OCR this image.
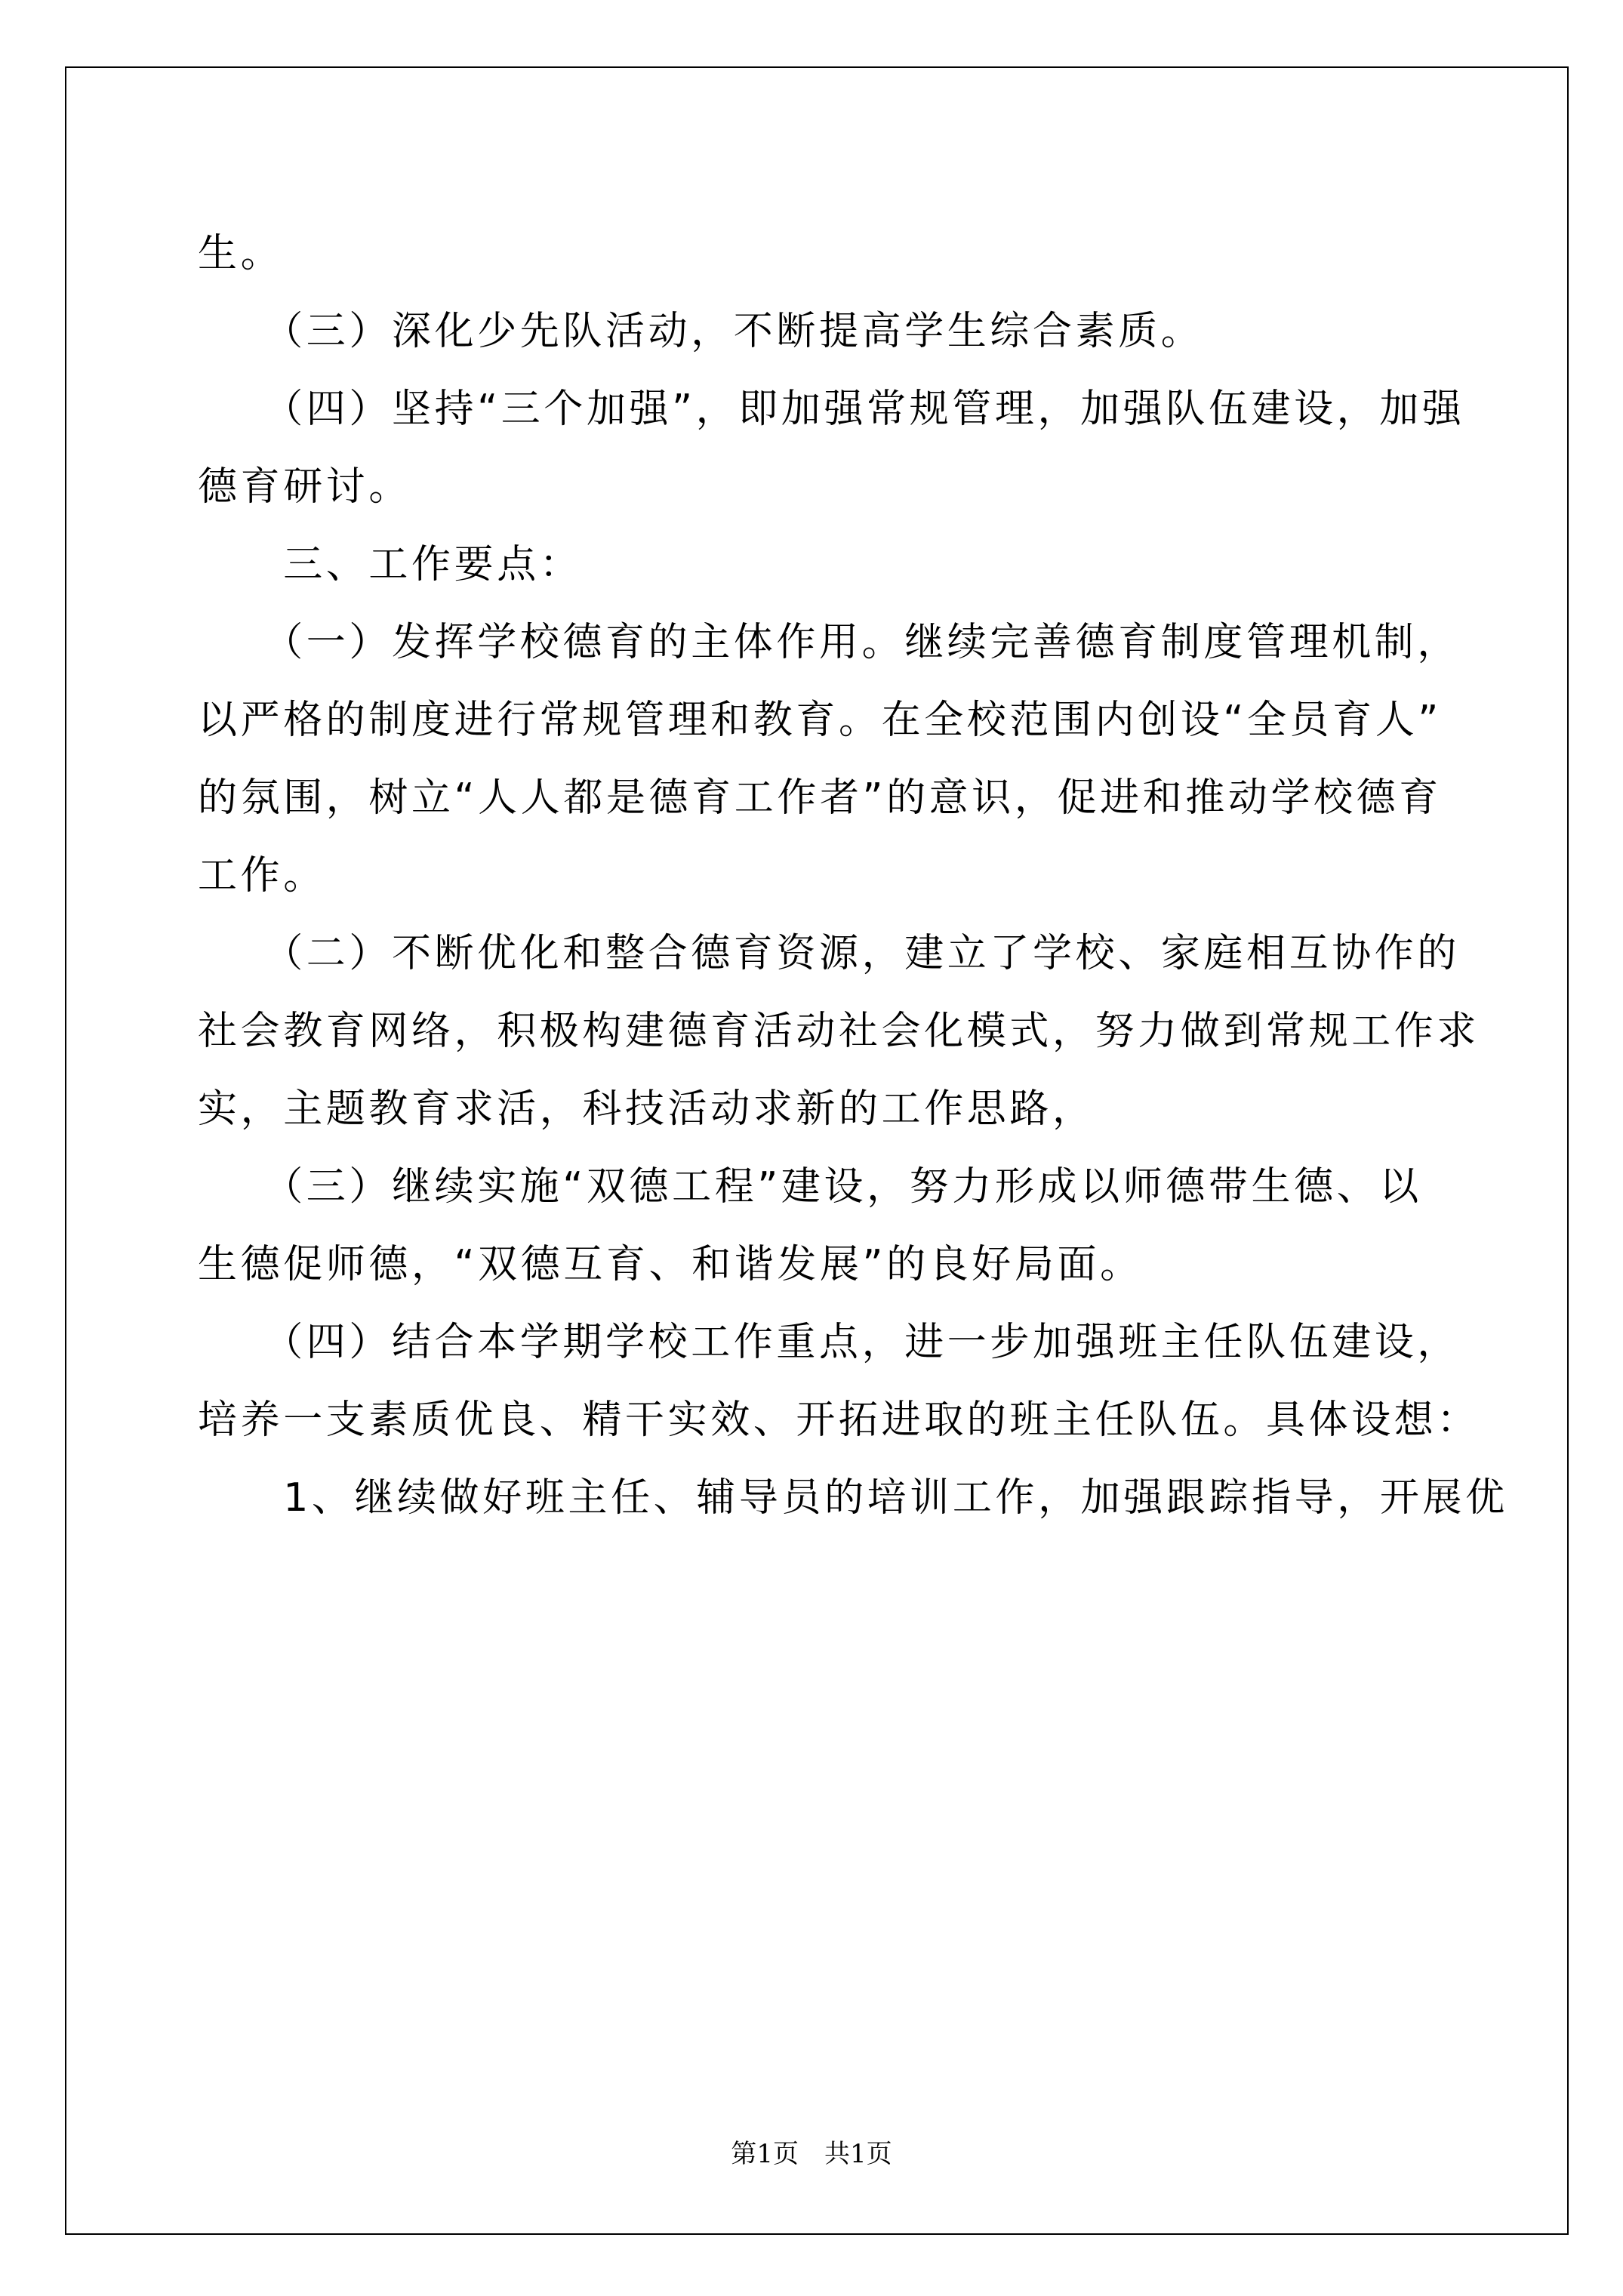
生。

　　（三）深化少先队活动，不断提高学生综合素质。

　　（四）坚持“三个加强”，即加强常规管理，加强队伍建设，加强

德育研讨。

　　三、工作要点：

　　（一）发挥学校德育的主体作用。继续完善德育制度管理机制，

以严格的制度进行常规管理和教育。在全校范围内创设“全员育人”

的氛围，树立“人人都是德育工作者”的意识，促进和推动学校德育

工作。

　　（二）不断优化和整合德育资源，建立了学校、家庭相互协作的

社会教育网络，积极构建德育活动社会化模式，努力做到常规工作求

实，主题教育求活，科技活动求新的工作思路，

　　（三）继续实施“双德工程”建设，努力形成以师德带生德、以

生德促师德，“双德互育、和谐发展”的良好局面。

　　（四）结合本学期学校工作重点，进一步加强班主任队伍建设，

培养一支素质优良、精干实效、开拓进取的班主任队伍。具体设想：

　　1、继续做好班主任、辅导员的培训工作，加强跟踪指导，开展优

第1页 共1页
